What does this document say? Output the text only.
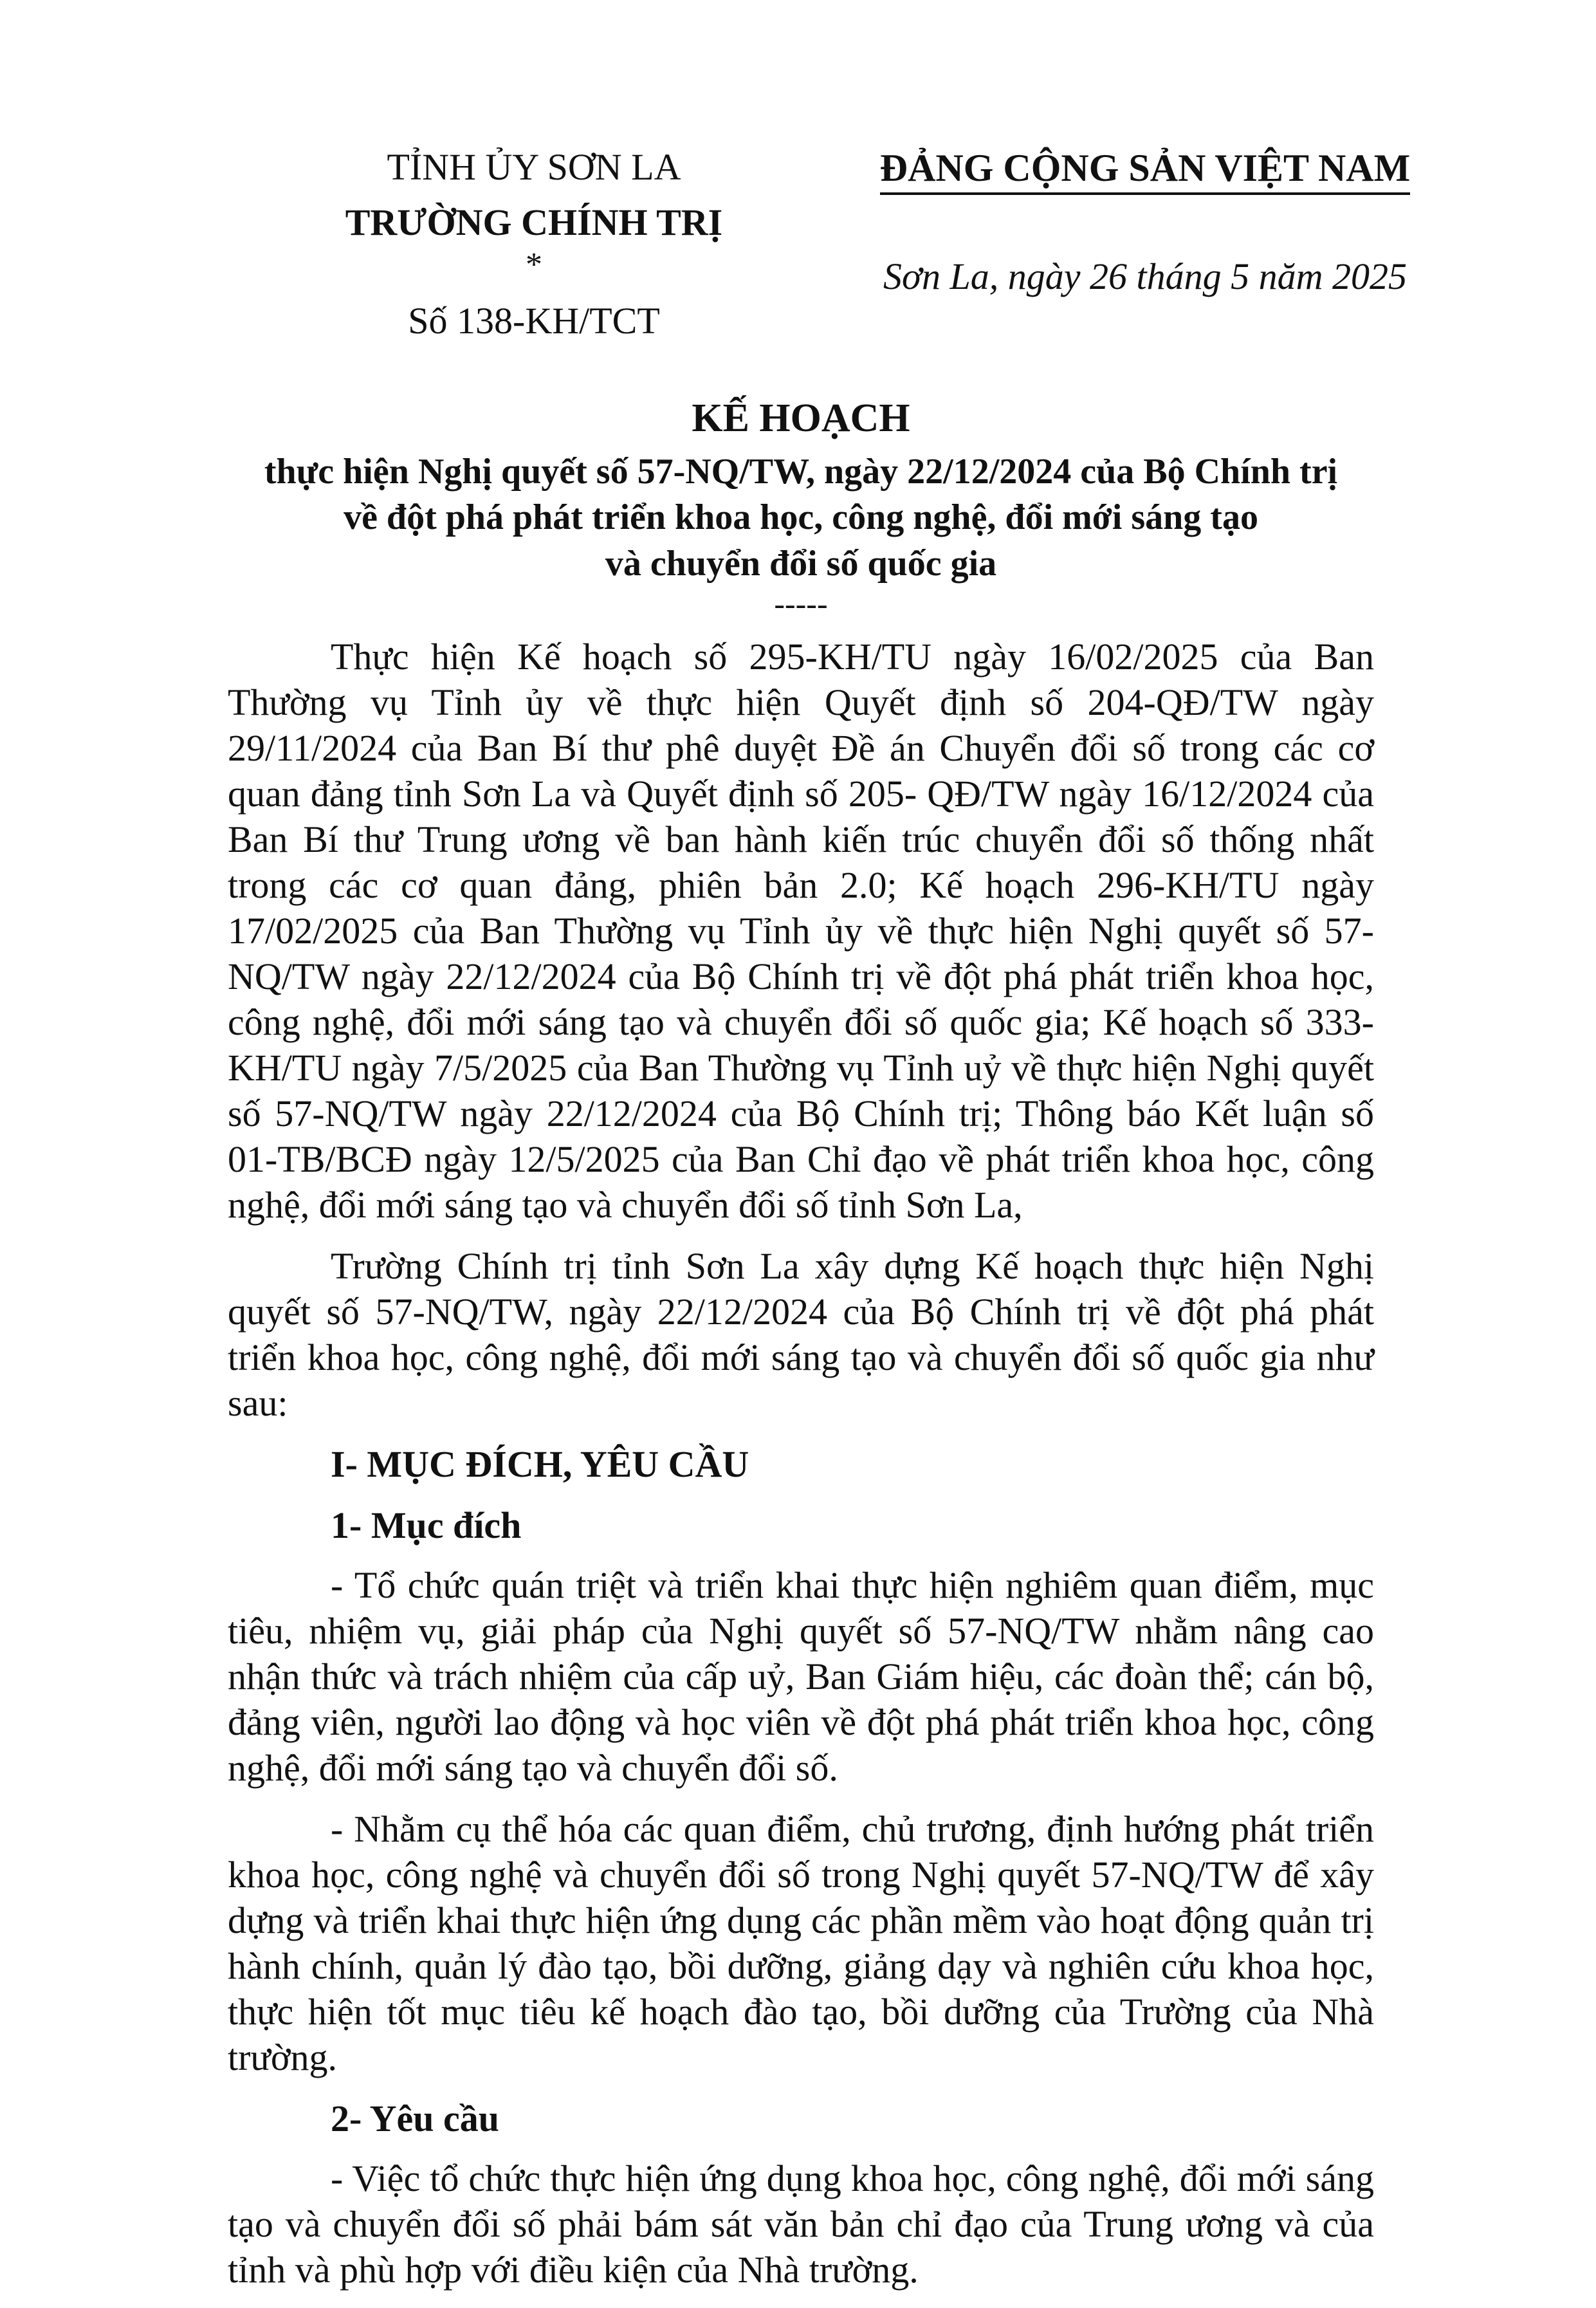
TỈNH ỦY SƠN LA

TRƯỜNG CHÍNH TRỊ

*

Số 138-KH/TCT

ĐẢNG CỘNG SẢN VIỆT NAM

Sơn La, ngày 26 tháng 5 năm 2025

KẾ HOẠCH

thực hiện Nghị quyết số 57-NQ/TW, ngày 22/12/2024 của Bộ Chính trị

về đột phá phát triển khoa học, công nghệ, đổi mới sáng tạo

và chuyển đổi số quốc gia

-----

Thực hiện Kế hoạch số 295-KH/TU ngày 16/02/2025 của Ban Thường vụ Tỉnh ủy về thực hiện Quyết định số 204-QĐ/TW ngày 29/11/2024 của Ban Bí thư phê duyệt Đề án Chuyển đổi số trong các cơ quan đảng tỉnh Sơn La và Quyết định số 205- QĐ/TW ngày 16/12/2024 của Ban Bí thư Trung ương về ban hành kiến trúc chuyển đổi số thống nhất trong các cơ quan đảng, phiên bản 2.0; Kế hoạch 296-KH/TU ngày 17/02/2025 của Ban Thường vụ Tỉnh ủy về thực hiện Nghị quyết số 57-NQ/TW ngày 22/12/2024 của Bộ Chính trị về đột phá phát triển khoa học, công nghệ, đổi mới sáng tạo và chuyển đổi số quốc gia; Kế hoạch số 333-KH/TU ngày 7/5/2025 của Ban Thường vụ Tỉnh uỷ về thực hiện Nghị quyết số 57-NQ/TW ngày 22/12/2024 của Bộ Chính trị; Thông báo Kết luận số 01-TB/BCĐ ngày 12/5/2025 của Ban Chỉ đạo về phát triển khoa học, công nghệ, đổi mới sáng tạo và chuyển đổi số tỉnh Sơn La,

Trường Chính trị tỉnh Sơn La xây dựng Kế hoạch thực hiện Nghị quyết số 57-NQ/TW, ngày 22/12/2024 của Bộ Chính trị về đột phá phát triển khoa học, công nghệ, đổi mới sáng tạo và chuyển đổi số quốc gia như sau:

I- MỤC ĐÍCH, YÊU CẦU
1- Mục đích

- Tổ chức quán triệt và triển khai thực hiện nghiêm quan điểm, mục tiêu, nhiệm vụ, giải pháp của Nghị quyết số 57-NQ/TW nhằm nâng cao nhận thức và trách nhiệm của cấp uỷ, Ban Giám hiệu, các đoàn thể; cán bộ, đảng viên, người lao động và học viên về đột phá phát triển khoa học, công nghệ, đổi mới sáng tạo và chuyển đổi số.

- Nhằm cụ thể hóa các quan điểm, chủ trương, định hướng phát triển khoa học, công nghệ và chuyển đổi số trong Nghị quyết 57-NQ/TW để xây dựng và triển khai thực hiện ứng dụng các phần mềm vào hoạt động quản trị hành chính, quản lý đào tạo, bồi dưỡng, giảng dạy và nghiên cứu khoa học, thực hiện tốt mục tiêu kế hoạch đào tạo, bồi dưỡng của Trường của Nhà trường.

2- Yêu cầu

- Việc tổ chức thực hiện ứng dụng khoa học, công nghệ, đổi mới sáng tạo và chuyển đổi số phải bám sát văn bản chỉ đạo của Trung ương và của tỉnh và phù hợp với điều kiện của Nhà trường.
